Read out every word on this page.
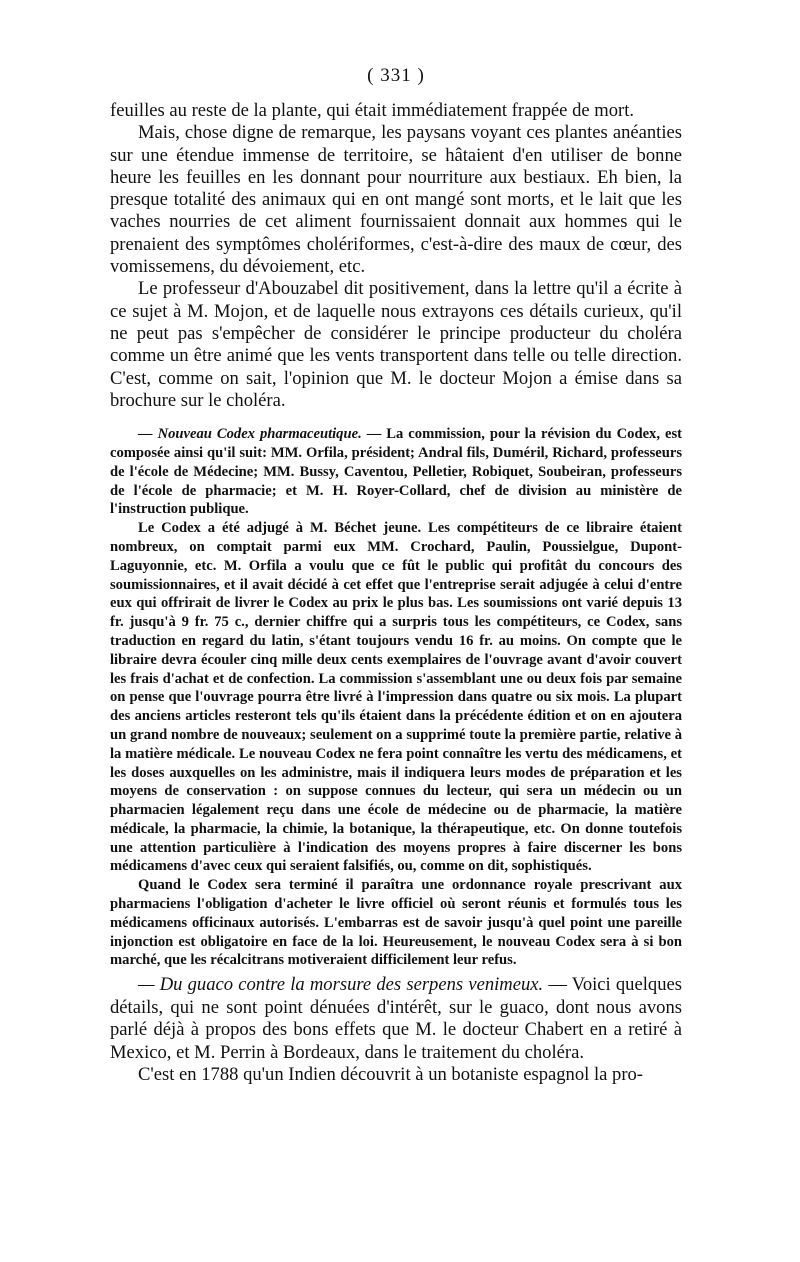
( 331 )

feuilles au reste de la plante, qui était immédiatement frappée de mort.

Mais, chose digne de remarque, les paysans voyant ces plantes anéanties sur une étendue immense de territoire, se hâtaient d'en utiliser de bonne heure les feuilles en les donnant pour nourriture aux bestiaux. Eh bien, la presque totalité des animaux qui en ont mangé sont morts, et le lait que les vaches nourries de cet aliment fournissaient donnait aux hommes qui le prenaient des symptômes cholériformes, c'est-à-dire des maux de cœur, des vomissemens, du dévoiement, etc.

Le professeur d'Abouzabel dit positivement, dans la lettre qu'il a écrite à ce sujet à M. Mojon, et de laquelle nous extrayons ces détails curieux, qu'il ne peut pas s'empêcher de considérer le principe producteur du choléra comme un être animé que les vents transportent dans telle ou telle direction. C'est, comme on sait, l'opinion que M. le docteur Mojon a émise dans sa brochure sur le choléra.

— Nouveau Codex pharmaceutique. — La commission, pour la révision du Codex, est composée ainsi qu'il suit: MM. Orfila, président; Andral fils, Duméril, Richard, professeurs de l'école de Médecine; MM. Bussy, Caventou, Pelletier, Robiquet, Soubeiran, professeurs de l'école de pharmacie; et M. H. Royer-Collard, chef de division au ministère de l'instruction publique.

Le Codex a été adjugé à M. Béchet jeune. Les compétiteurs de ce libraire étaient nombreux, on comptait parmi eux MM. Crochard, Paulin, Poussielgue, Dupont-Laguyonnie, etc. M. Orfila a voulu que ce fût le public qui profitât du concours des soumissionnaires, et il avait décidé à cet effet que l'entreprise serait adjugée à celui d'entre eux qui offrirait de livrer le Codex au prix le plus bas. Les soumissions ont varié depuis 13 fr. jusqu'à 9 fr. 75 c., dernier chiffre qui a surpris tous les compétiteurs, ce Codex, sans traduction en regard du latin, s'étant toujours vendu 16 fr. au moins. On compte que le libraire devra écouler cinq mille deux cents exemplaires de l'ouvrage avant d'avoir couvert les frais d'achat et de confection. La commission s'assemblant une ou deux fois par semaine on pense que l'ouvrage pourra être livré à l'impression dans quatre ou six mois. La plupart des anciens articles resteront tels qu'ils étaient dans la précédente édition et on en ajoutera un grand nombre de nouveaux; seulement on a supprimé toute la première partie, relative à la matière médicale. Le nouveau Codex ne fera point connaître les vertu des médicamens, et les doses auxquelles on les administre, mais il indiquera leurs modes de préparation et les moyens de conservation : on suppose connues du lecteur, qui sera un médecin ou un pharmacien légalement reçu dans une école de médecine ou de pharmacie, la matière médicale, la pharmacie, la chimie, la botanique, la thérapeutique, etc. On donne toutefois une attention particulière à l'indication des moyens propres à faire discerner les bons médicamens d'avec ceux qui seraient falsifiés, ou, comme on dit, sophistiqués.

Quand le Codex sera terminé il paraîtra une ordonnance royale prescrivant aux pharmaciens l'obligation d'acheter le livre officiel où seront réunis et formulés tous les médicamens officinaux autorisés. L'embarras est de savoir jusqu'à quel point une pareille injonction est obligatoire en face de la loi. Heureusement, le nouveau Codex sera à si bon marché, que les récalcitrans motiveraient difficilement leur refus.

— Du guaco contre la morsure des serpens venimeux. — Voici quelques détails, qui ne sont point dénuées d'intérêt, sur le guaco, dont nous avons parlé déjà à propos des bons effets que M. le docteur Chabert en a retiré à Mexico, et M. Perrin à Bordeaux, dans le traitement du choléra.

C'est en 1788 qu'un Indien découvrit à un botaniste espagnol la pro-
